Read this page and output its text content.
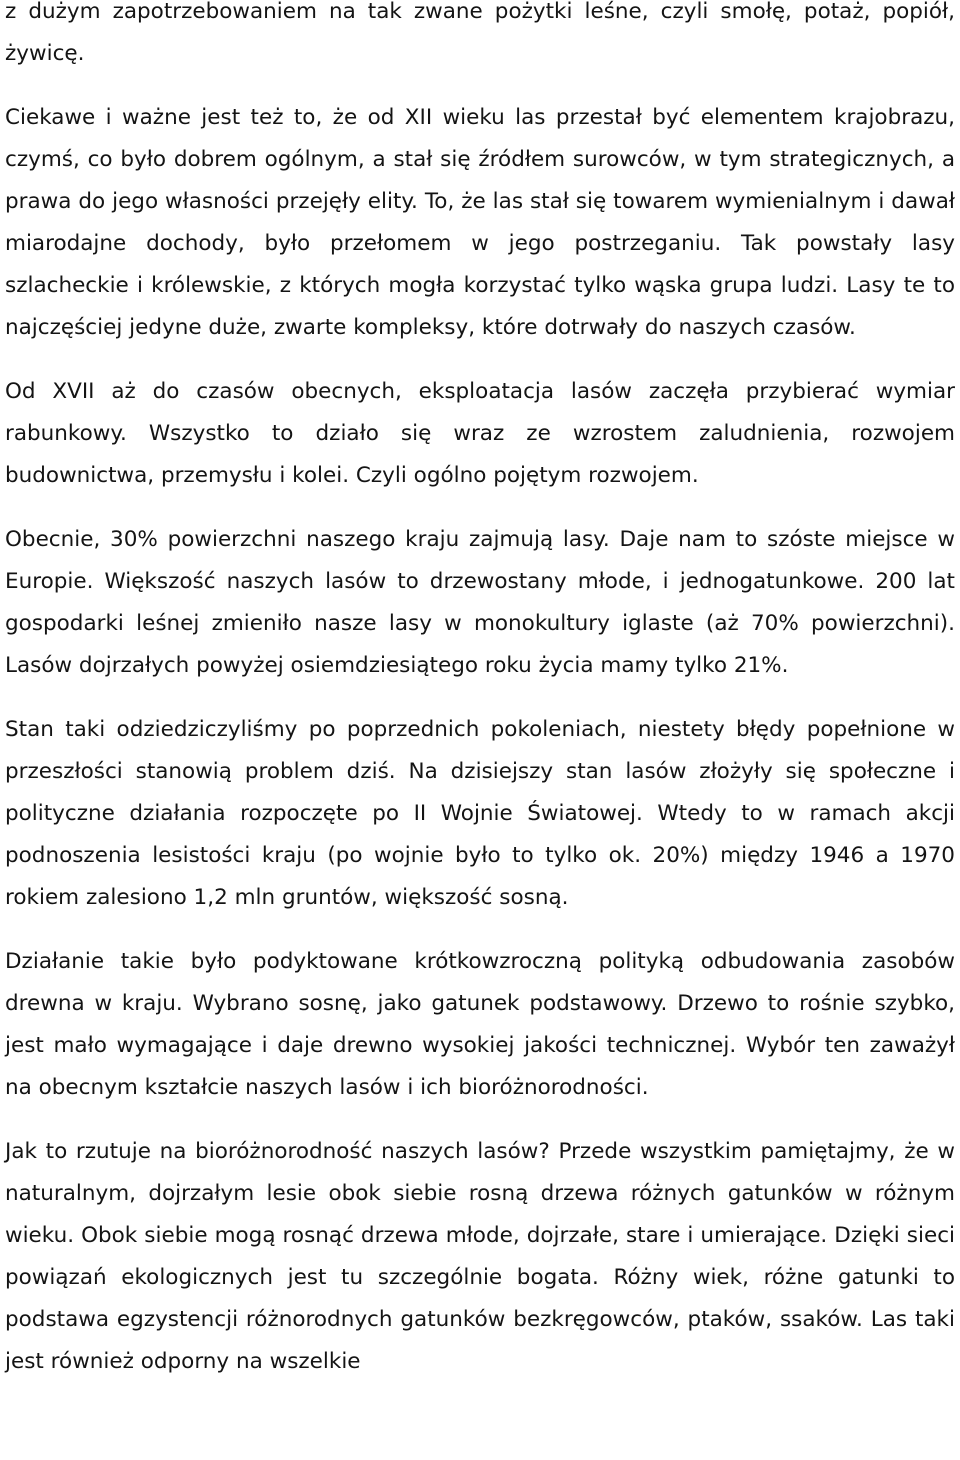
z dużym zapotrzebowaniem na tak zwane pożytki leśne, czyli smołę, potaż, popiół, żywicę.

Ciekawe i ważne jest też to, że od XII wieku las przestał być elementem krajobrazu, czymś, co było dobrem ogólnym, a stał się źródłem surowców, w tym strategicznych, a prawa do jego własności przejęły elity. To, że las stał się towarem wymienialnym i dawał miarodajne dochody, było przełomem w jego postrzeganiu. Tak powstały lasy szlacheckie i królewskie, z których mogła korzystać tylko wąska grupa ludzi. Lasy te to najczęściej jedyne duże, zwarte kompleksy, które dotrwały do naszych czasów.

Od XVII aż do czasów obecnych, eksploatacja lasów zaczęła przybierać wymiar rabunkowy. Wszystko to działo się wraz ze wzrostem zaludnienia, rozwojem budownictwa, przemysłu i kolei. Czyli ogólno pojętym rozwojem.

Obecnie, 30% powierzchni naszego kraju zajmują lasy. Daje nam to szóste miejsce w Europie. Większość naszych lasów to drzewostany młode, i jednogatunkowe. 200 lat gospodarki leśnej zmieniło nasze lasy w monokultury iglaste (aż 70% powierzchni). Lasów dojrzałych powyżej osiemdziesiątego roku życia mamy tylko 21%.

Stan taki odziedziczyliśmy po poprzednich pokoleniach, niestety błędy popełnione w przeszłości stanowią problem dziś. Na dzisiejszy stan lasów złożyły się społeczne i polityczne działania rozpoczęte po II Wojnie Światowej. Wtedy to w ramach akcji podnoszenia lesistości kraju (po wojnie było to tylko ok. 20%) między 1946 a 1970 rokiem zalesiono 1,2 mln gruntów, większość sosną.

Działanie takie było podyktowane krótkowzroczną polityką odbudowania zasobów drewna w kraju. Wybrano sosnę, jako gatunek podstawowy. Drzewo to rośnie szybko, jest mało wymagające i daje drewno wysokiej jakości technicznej. Wybór ten zaważył na obecnym kształcie naszych lasów i ich bioróżnorodności.

Jak to rzutuje na bioróżnorodność naszych lasów? Przede wszystkim pamiętajmy, że w naturalnym, dojrzałym lesie obok siebie rosną drzewa różnych gatunków w różnym wieku. Obok siebie mogą rosnąć drzewa młode, dojrzałe, stare i umierające. Dzięki sieci powiązań ekologicznych jest tu szczególnie bogata. Różny wiek, różne gatunki to podstawa egzystencji różnorodnych gatunków bezkręgowców, ptaków, ssaków. Las taki jest również odporny na wszelkie
